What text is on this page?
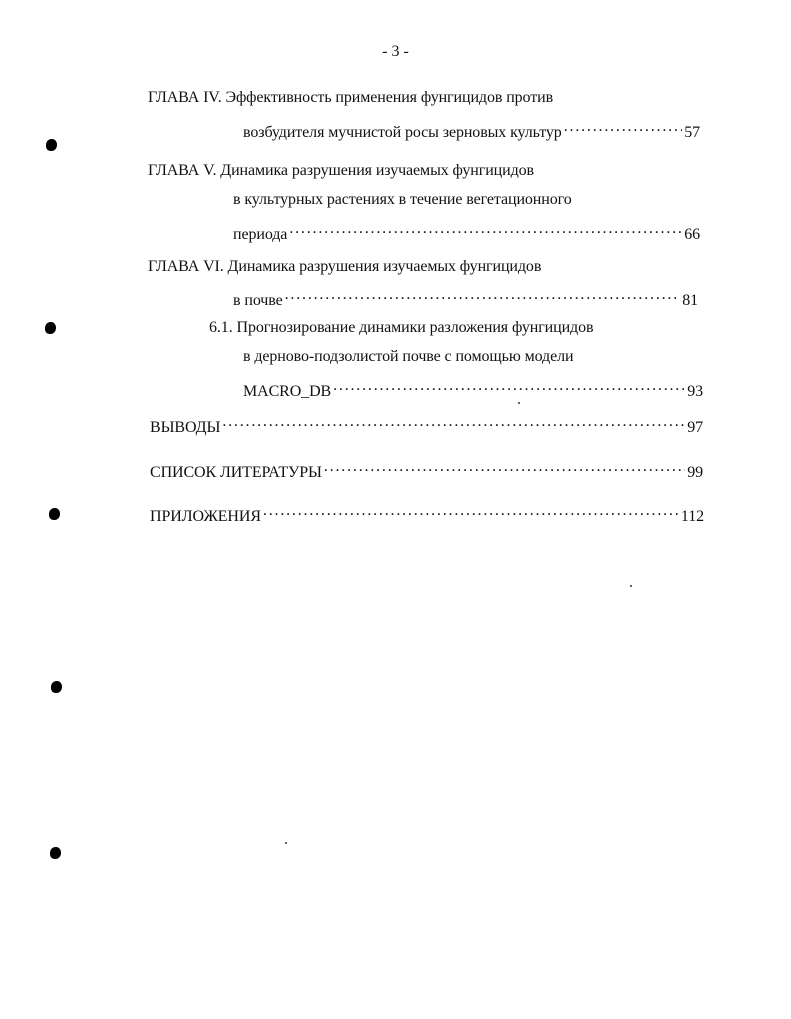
- 3 -
ГЛАВА IV. Эффективность применения фунгицидов против
возбудителя мучнистой росы зерновых культур . . .	57
ГЛАВА V. Динамика разрушения изучаемых фунгицидов
в культурных растениях в течение вегетационного
периода . . .	66
ГЛАВА VI. Динамика разрушения изучаемых фунгицидов
в почве . . .	81
6.1. Прогнозирование динамики разложения фунгицидов
в дерново-подзолистой почве с помощью модели
MACRO_DB . . .	93
ВЫВОДЫ . . .	97
СПИСОК ЛИТЕРАТУРЫ . . .	99
ПРИЛОЖЕНИЯ . . .	112
